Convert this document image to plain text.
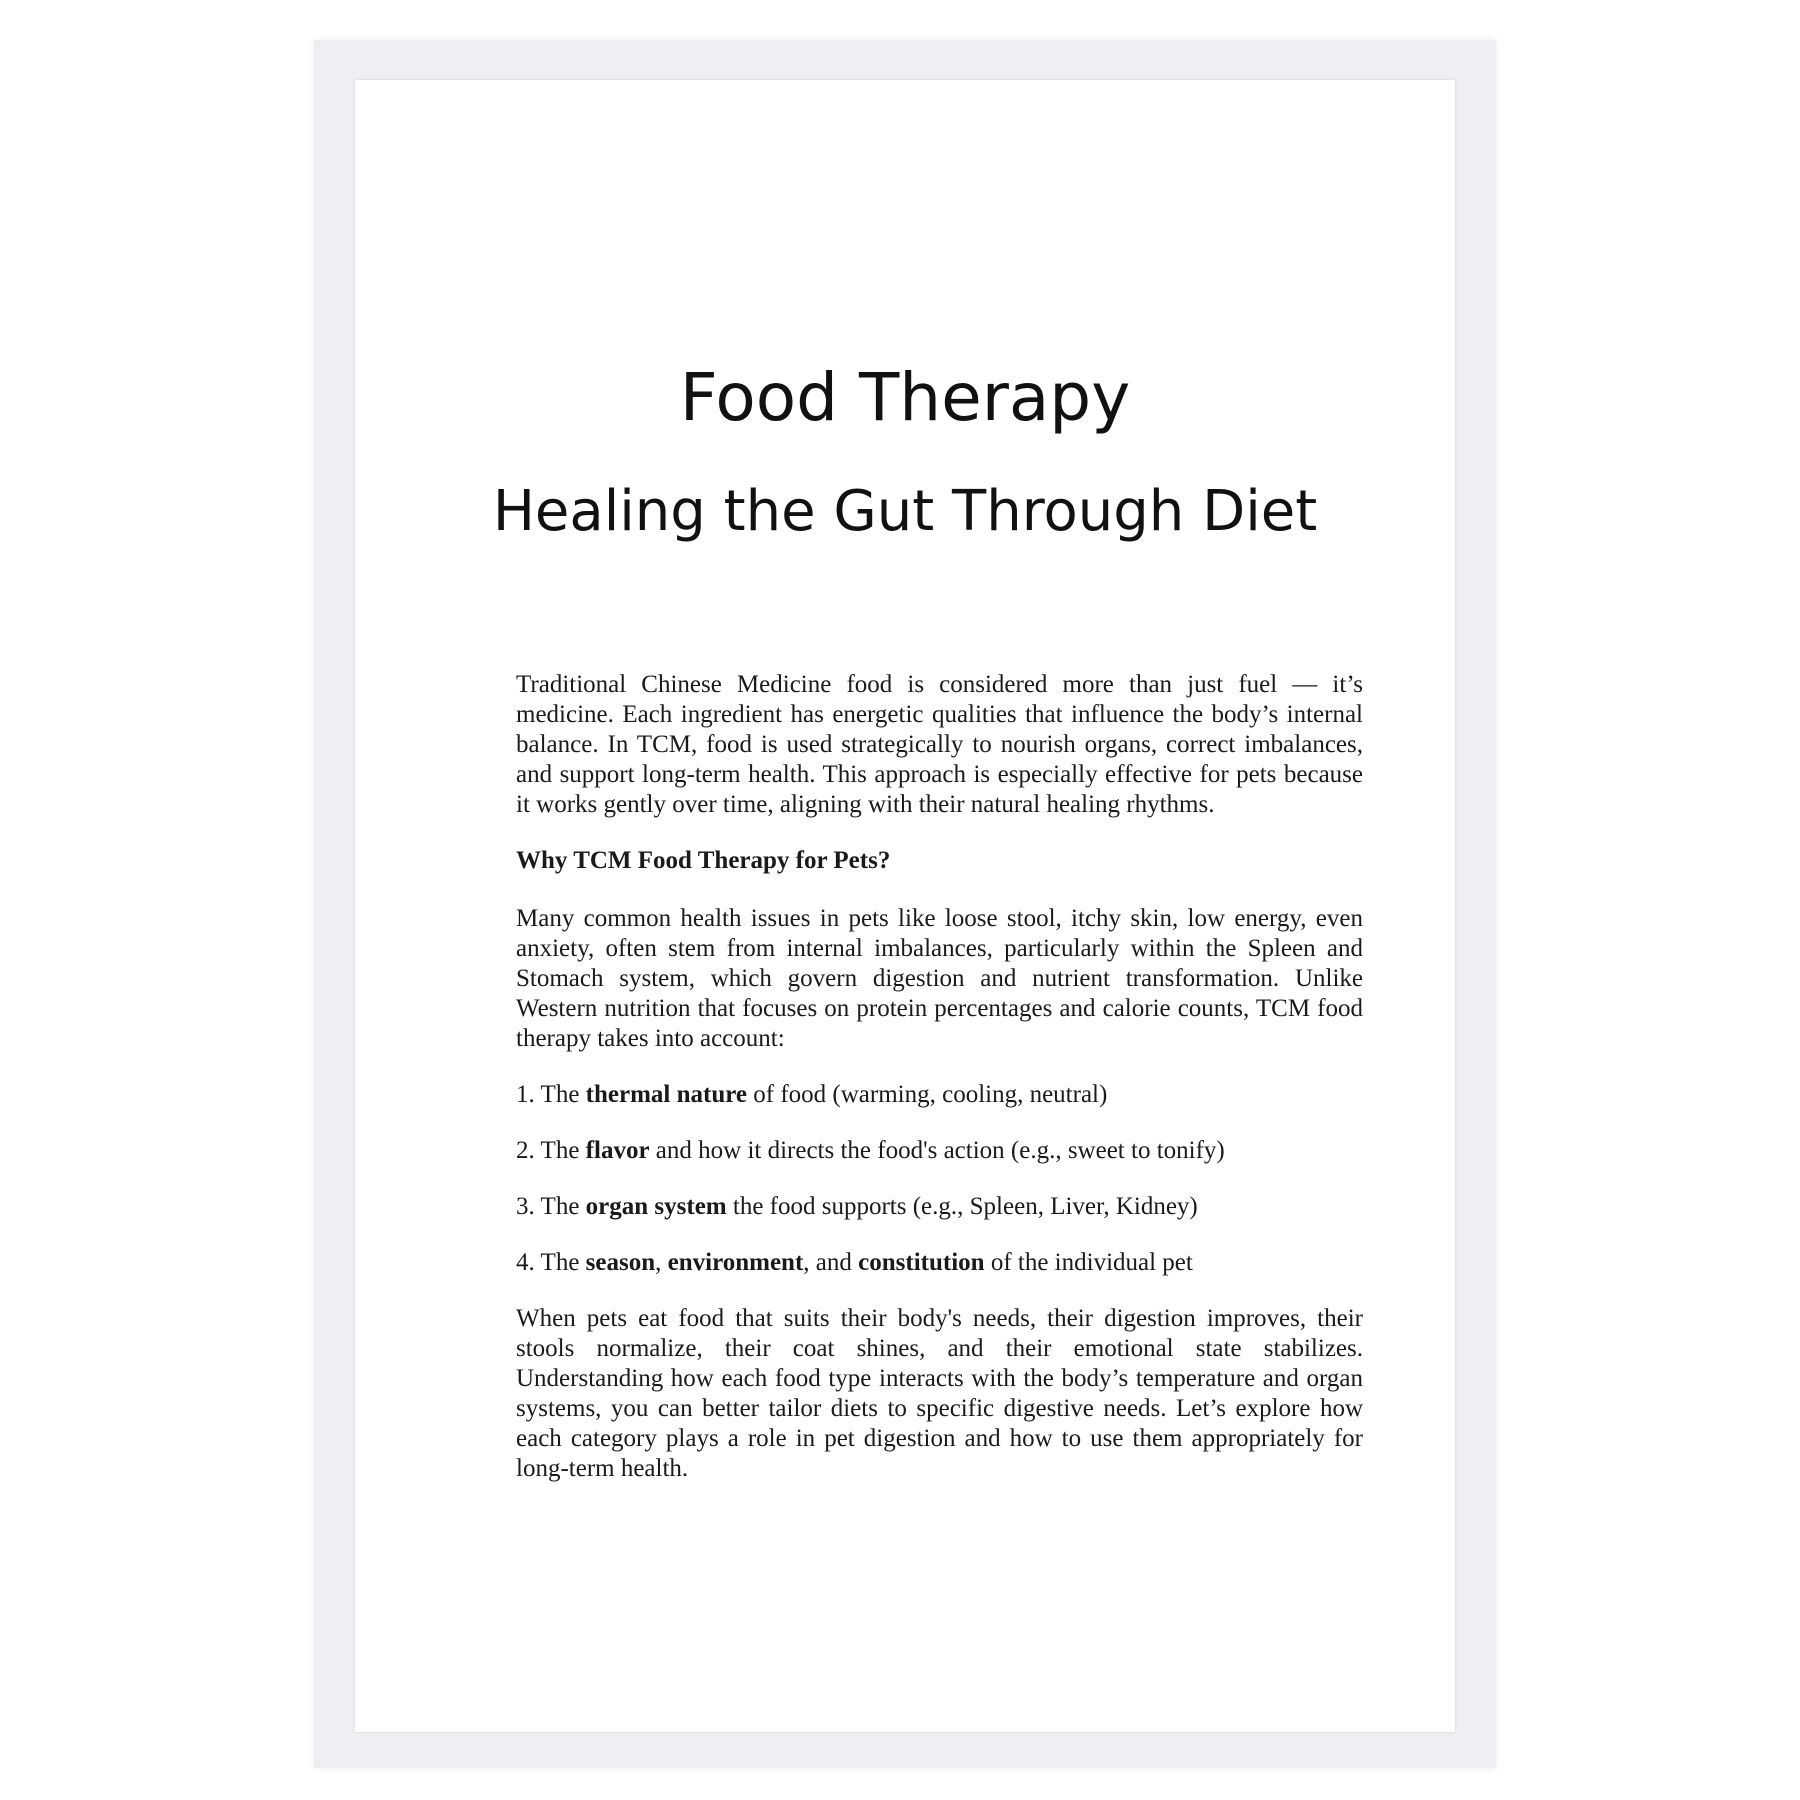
Food Therapy
Healing the Gut Through Diet

Traditional Chinese Medicine food is considered more than just fuel — it’s medicine. Each ingredient has energetic qualities that influence the body’s internal balance. In TCM, food is used strategically to nourish organs, correct imbalances, and support long-term health. This approach is especially effective for pets because it works gently over time, aligning with their natural healing rhythms.

Why TCM Food Therapy for Pets?

Many common health issues in pets like loose stool, itchy skin, low energy, even anxiety, often stem from internal imbalances, particularly within the Spleen and Stomach system, which govern digestion and nutrient transformation. Unlike Western nutrition that focuses on protein percentages and calorie counts, TCM food therapy takes into account:

1. The thermal nature of food (warming, cooling, neutral)

2. The flavor and how it directs the food's action (e.g., sweet to tonify)

3. The organ system the food supports (e.g., Spleen, Liver, Kidney)

4. The season, environment, and constitution of the individual pet

When pets eat food that suits their body's needs, their digestion improves, their stools normalize, their coat shines, and their emotional state stabilizes. Understanding how each food type interacts with the body’s temperature and organ systems, you can better tailor diets to specific digestive needs. Let’s explore how each category plays a role in pet digestion and how to use them appropriately for long-term health.
